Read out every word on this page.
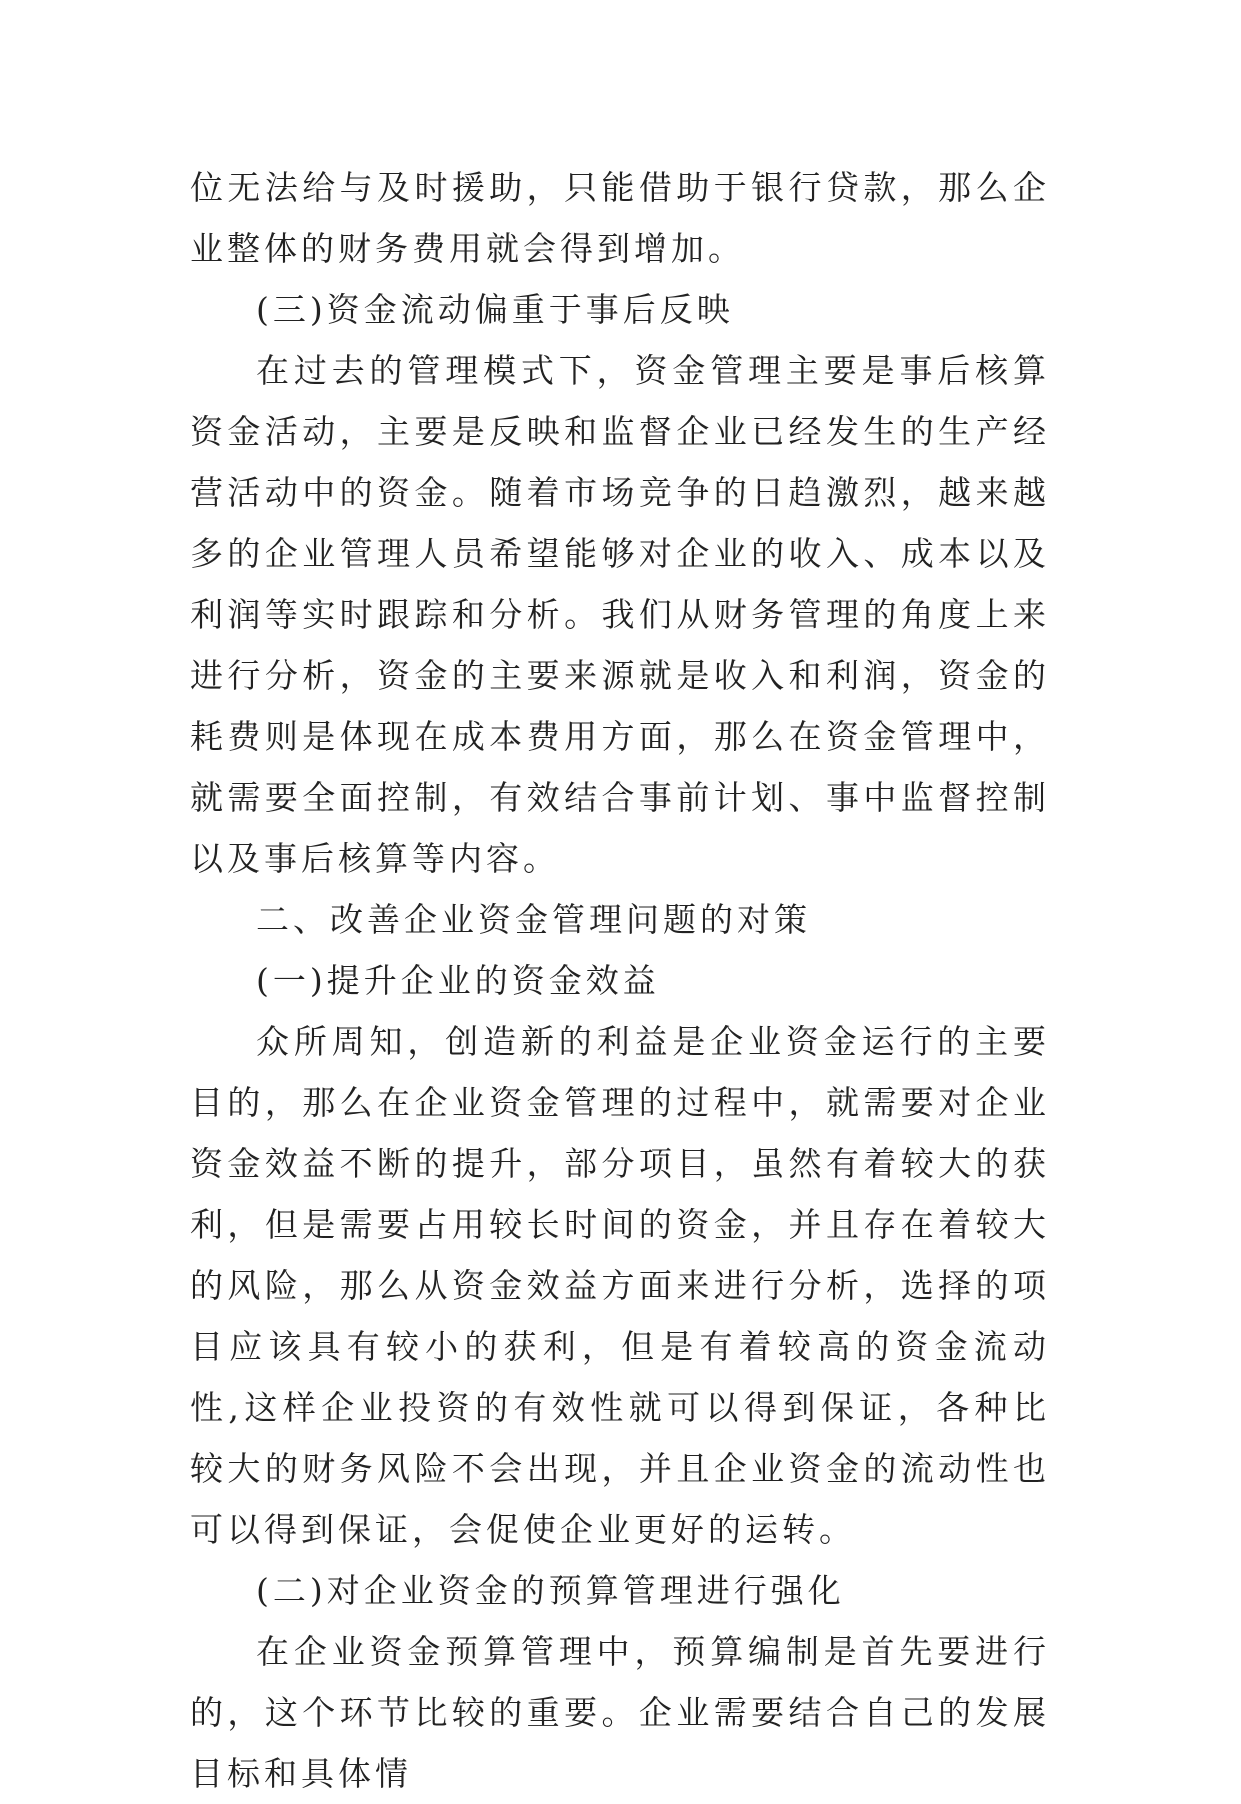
位无法给与及时援助，只能借助于银行贷款，那么企业整体的财务费用就会得到增加。

(三)资金流动偏重于事后反映

在过去的管理模式下，资金管理主要是事后核算资金活动，主要是反映和监督企业已经发生的生产经营活动中的资金。随着市场竞争的日趋激烈，越来越多的企业管理人员希望能够对企业的收入、成本以及利润等实时跟踪和分析。我们从财务管理的角度上来进行分析，资金的主要来源就是收入和利润，资金的耗费则是体现在成本费用方面，那么在资金管理中，就需要全面控制，有效结合事前计划、事中监督控制以及事后核算等内容。

二、改善企业资金管理问题的对策

(一)提升企业的资金效益

众所周知，创造新的利益是企业资金运行的主要目的，那么在企业资金管理的过程中，就需要对企业资金效益不断的提升，部分项目，虽然有着较大的获利，但是需要占用较长时间的资金，并且存在着较大的风险，那么从资金效益方面来进行分析，选择的项目应该具有较小的获利，但是有着较高的资金流动性,这样企业投资的有效性就可以得到保证，各种比较大的财务风险不会出现，并且企业资金的流动性也可以得到保证，会促使企业更好的运转。

(二)对企业资金的预算管理进行强化

在企业资金预算管理中，预算编制是首先要进行的，这个环节比较的重要。企业需要结合自己的发展目标和具体情
